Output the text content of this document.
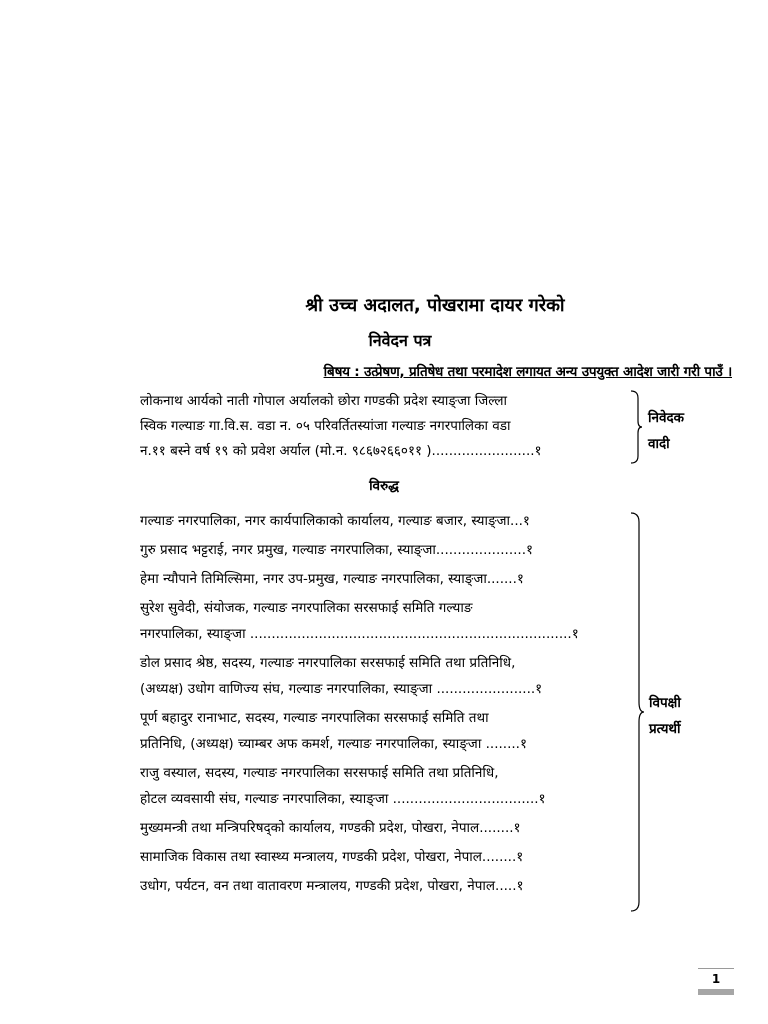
श्री उच्च अदालत, पोखरामा दायर गरेको
निवेदन पत्र
बिषय : उत्प्रेषण, प्रतिषेध तथा परमादेश लगायत अन्य उपयुक्त आदेश जारी गरी पाउँ ।

लोकनाथ आर्यको नाती गोपाल अर्यालको छोरा गण्डकी प्रदेश स्याङ्जा जिल्ला

स्विक गल्याङ गा.वि.स. वडा न. ०५ परिवर्तितस्यांजा गल्याङ नगरपालिका वडा

न.११ बस्ने वर्ष १९ को प्रवेश अर्याल (मो.न. ९८६७२६६०११ )........................१

निवेदक
वादी
विरुद्ध
गल्याङ नगरपालिका, नगर कार्यपालिकाको कार्यालय, गल्याङ बजार, स्याङ्जा...१
गुरु प्रसाद भट्टराई, नगर प्रमुख, गल्याङ नगरपालिका, स्याङ्जा.....................१
हेमा न्यौपाने तिमिल्सिमा, नगर उप-प्रमुख, गल्याङ नगरपालिका, स्याङ्जा.......१
सुरेश सुवेदी, संयोजक, गल्याङ नगरपालिका सरसफाई समिति गल्याङ
नगरपालिका, स्याङ्जा ...........................................................................१
डोल प्रसाद श्रेष्ठ, सदस्य, गल्याङ नगरपालिका सरसफाई समिति तथा प्रतिनिधि,
(अध्यक्ष) उधोग वाणिज्य संघ, गल्याङ नगरपालिका, स्याङ्जा .......................१
पूर्ण बहादुर रानाभाट, सदस्य, गल्याङ नगरपालिका सरसफाई समिति तथा
प्रतिनिधि, (अध्यक्ष) च्याम्बर अफ कमर्श, गल्याङ नगरपालिका, स्याङ्जा ........१
राजु वस्याल, सदस्य, गल्याङ नगरपालिका सरसफाई समिति तथा प्रतिनिधि,
होटल व्यवसायी संघ, गल्याङ नगरपालिका, स्याङ्जा ..................................१
मुख्यमन्त्री तथा मन्त्रिपरिषद्को कार्यालय, गण्डकी प्रदेश, पोखरा, नेपाल........१
सामाजिक विकास तथा स्वास्थ्य मन्त्रालय, गण्डकी प्रदेश, पोखरा, नेपाल........१
उधोग, पर्यटन, वन तथा वातावरण मन्त्रालय, गण्डकी प्रदेश, पोखरा, नेपाल.....१
विपक्षी
प्रत्यर्थी
1
